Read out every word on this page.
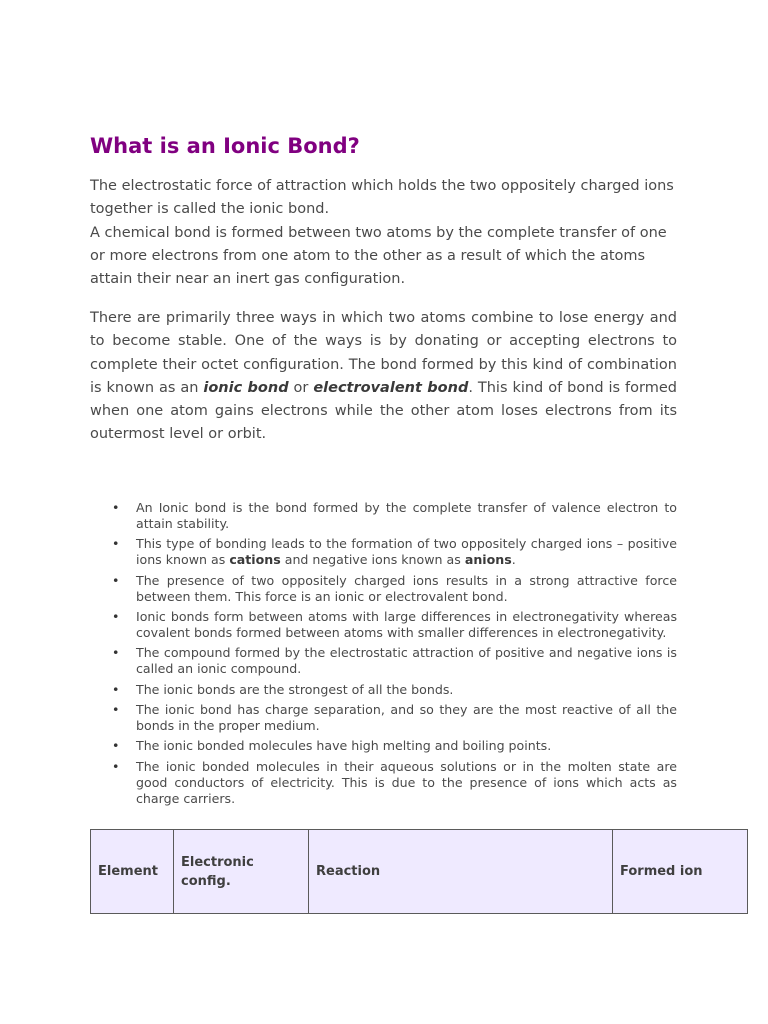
What is an Ionic Bond?

The electrostatic force of attraction which holds the two oppositely charged ions together is called the ionic bond.
A chemical bond is formed between two atoms by the complete transfer of one or more electrons from one atom to the other as a result of which the atoms attain their near an inert gas configuration.

There are primarily three ways in which two atoms combine to lose energy and to become stable. One of the ways is by donating or accepting electrons to complete their octet configuration. The bond formed by this kind of combination is known as an ionic bond or electrovalent bond. This kind of bond is formed when one atom gains electrons while the other atom loses electrons from its outermost level or orbit.

• An Ionic bond is the bond formed by the complete transfer of valence electron to attain stability.
• This type of bonding leads to the formation of two oppositely charged ions – positive ions known as cations and negative ions known as anions.
• The presence of two oppositely charged ions results in a strong attractive force between them. This force is an ionic or electrovalent bond.
• Ionic bonds form between atoms with large differences in electronegativity whereas covalent bonds formed between atoms with smaller differences in electronegativity.
• The compound formed by the electrostatic attraction of positive and negative ions is called an ionic compound.
• The ionic bonds are the strongest of all the bonds.
• The ionic bond has charge separation, and so they are the most reactive of all the bonds in the proper medium.
• The ionic bonded molecules have high melting and boiling points.
• The ionic bonded molecules in their aqueous solutions or in the molten state are good conductors of electricity. This is due to the presence of ions which acts as charge carriers.
Element	Electronic config.	Reaction	Formed ion
